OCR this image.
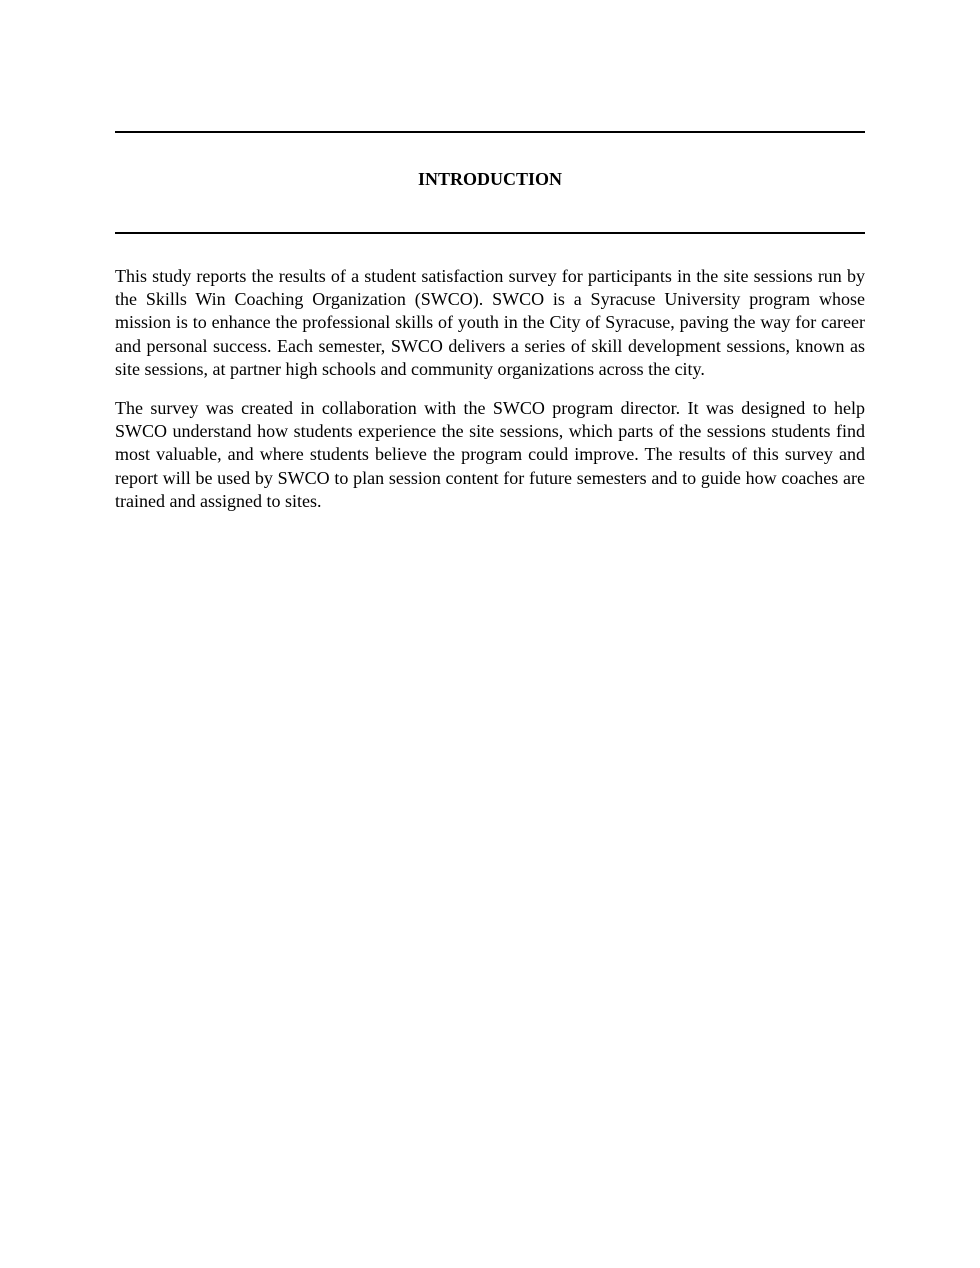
INTRODUCTION

This study reports the results of a student satisfaction survey for participants in the site sessions run by the Skills Win Coaching Organization (SWCO). SWCO is a Syracuse University program whose mission is to enhance the professional skills of youth in the City of Syracuse, paving the way for career and personal success. Each semester, SWCO delivers a series of skill development sessions, known as site sessions, at partner high schools and community organizations across the city.

The survey was created in collaboration with the SWCO program director. It was designed to help SWCO understand how students experience the site sessions, which parts of the sessions students find most valuable, and where students believe the program could improve. The results of this survey and report will be used by SWCO to plan session content for future semesters and to guide how coaches are trained and assigned to sites.
